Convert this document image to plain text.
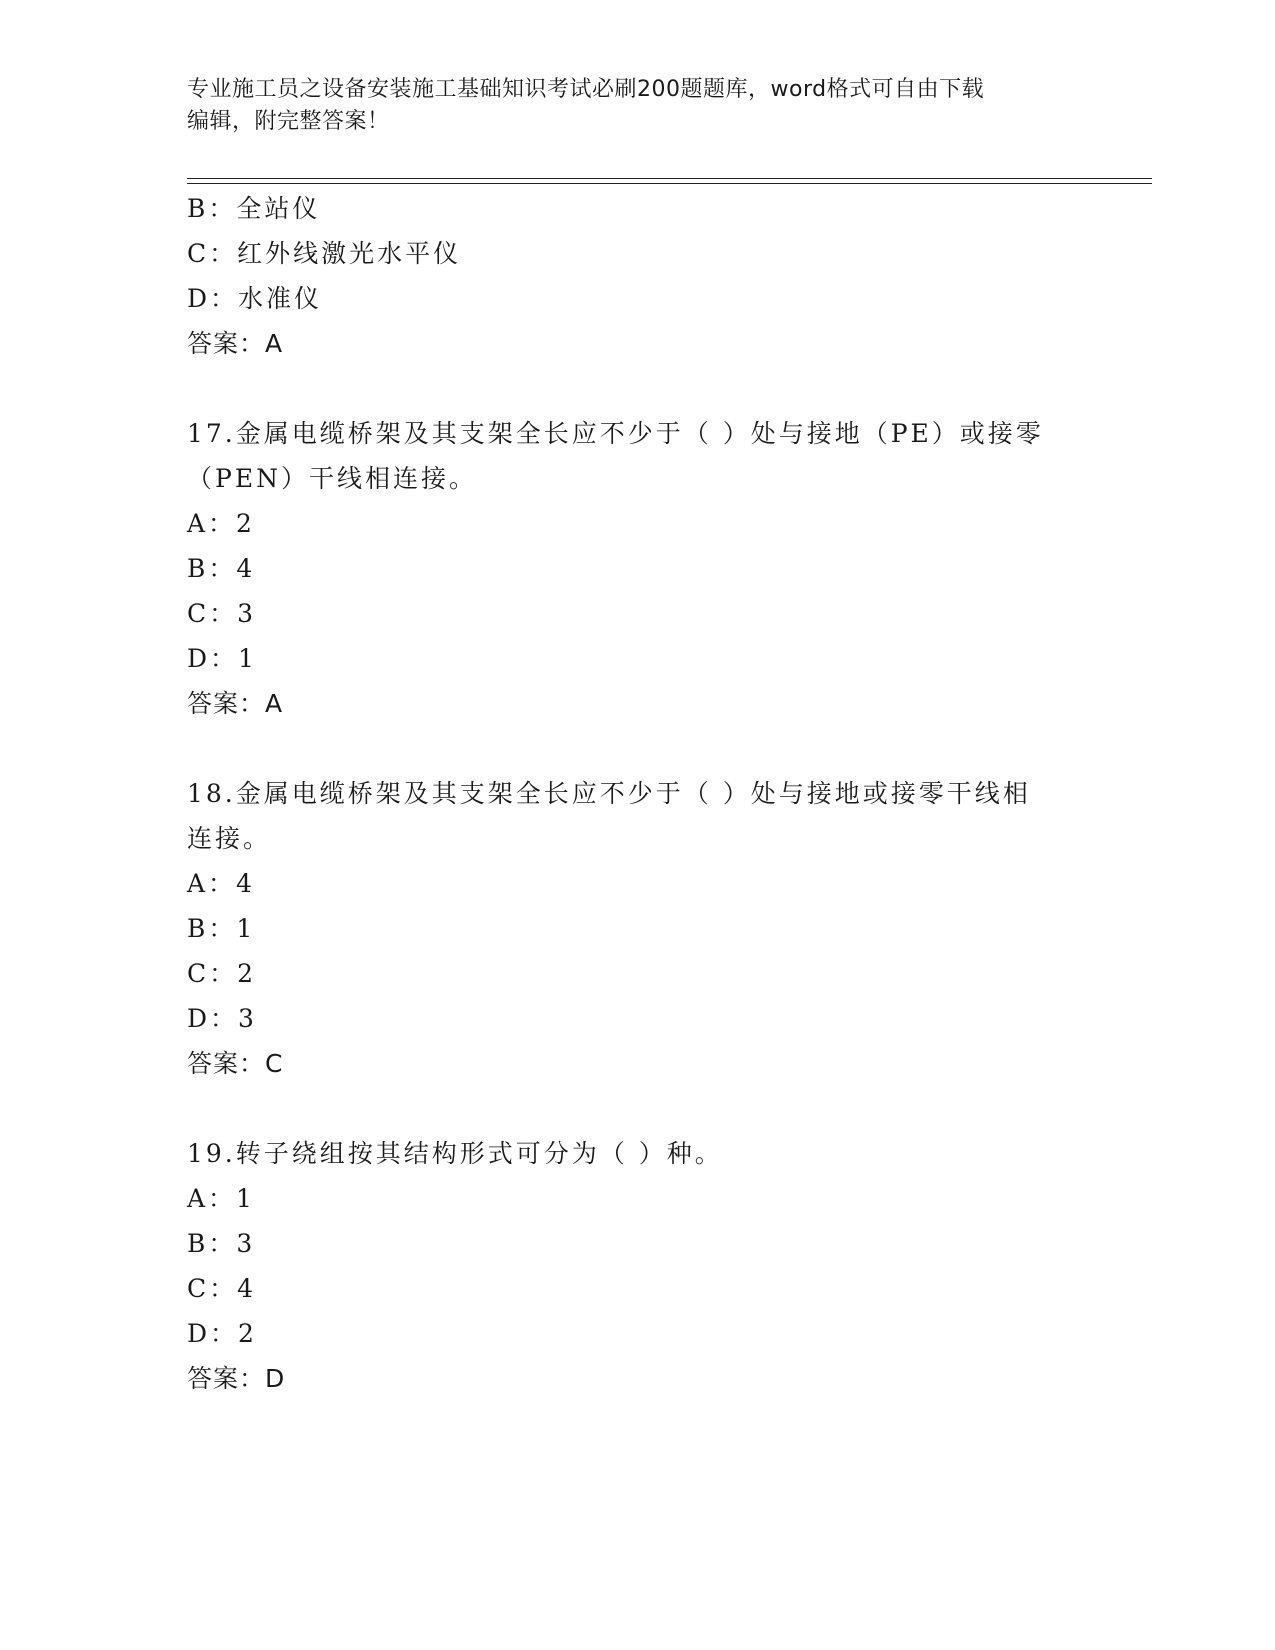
专业施工员之设备安装施工基础知识考试必刷200题题库，word格式可自由下载
编辑，附完整答案！
B：全站仪
C：红外线激光水平仪
D：水准仪
答案：A
17.金属电缆桥架及其支架全长应不少于（ ）处与接地（PE）或接零
（PEN）干线相连接。
A：2
B：4
C：3
D：1
答案：A
18.金属电缆桥架及其支架全长应不少于（ ）处与接地或接零干线相
连接。
A：4
B：1
C：2
D：3
答案：C
19.转子绕组按其结构形式可分为（ ）种。
A：1
B：3
C：4
D：2
答案：D
